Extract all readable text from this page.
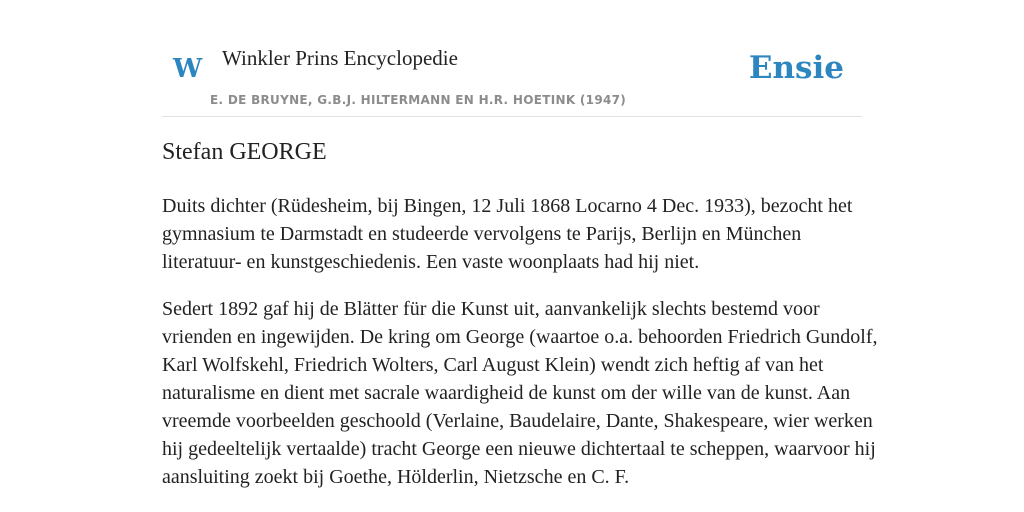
W Winkler Prins Encyclopedie
E. DE BRUYNE, G.B.J. HILTERMANN EN H.R. HOETINK (1947)
Ensie
Stefan GEORGE

Duits dichter (Rüdesheim, bij Bingen, 12 Juli 1868 Locarno 4 Dec. 1933), bezocht het gymnasium te Darmstadt en studeerde vervolgens te Parijs, Berlijn en München literatuur- en kunstgeschiedenis. Een vaste woonplaats had hij niet.

Sedert 1892 gaf hij de Blätter für die Kunst uit, aanvankelijk slechts bestemd voor vrienden en ingewijden. De kring om George (waartoe o.a. behoorden Friedrich Gundolf, Karl Wolfskehl, Friedrich Wolters, Carl August Klein) wendt zich heftig af van het naturalisme en dient met sacrale waardigheid de kunst om der wille van de kunst. Aan vreemde voorbeelden geschoold (Verlaine, Baudelaire, Dante, Shakespeare, wier werken hij gedeeltelijk vertaalde) tracht George een nieuwe dichtertaal te scheppen, waarvoor hij aansluiting zoekt bij Goethe, Hölderlin, Nietzsche en C. F.
